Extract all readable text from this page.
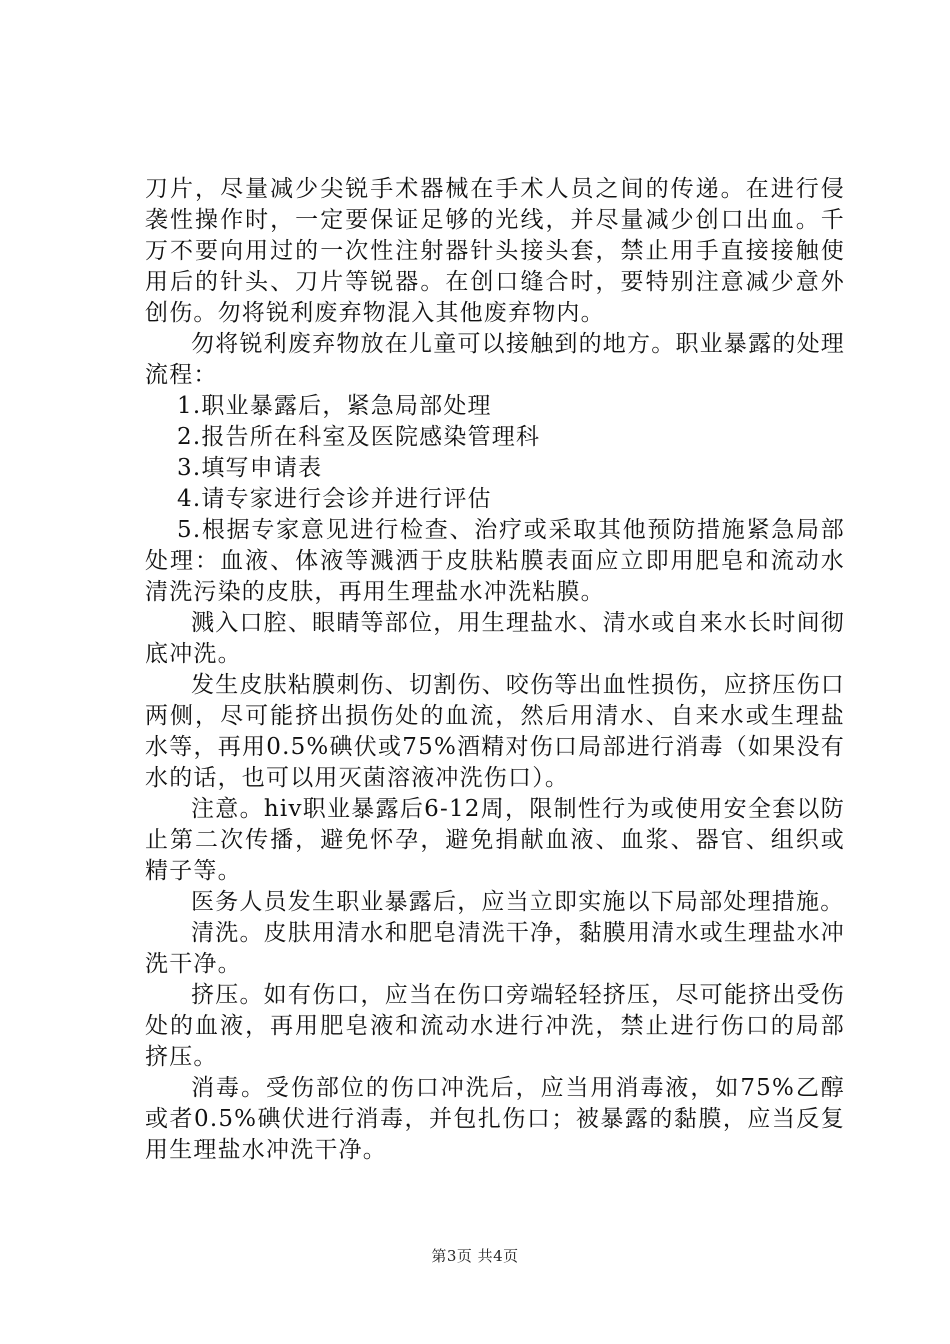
刀片，尽量减少尖锐手术器械在手术人员之间的传递。在进行侵袭性操作时，一定要保证足够的光线，并尽量减少创口出血。千万不要向用过的一次性注射器针头接头套，禁止用手直接接触使用后的针头、刀片等锐器。在创口缝合时，要特别注意减少意外创伤。勿将锐利废弃物混入其他废弃物内。

勿将锐利废弃物放在儿童可以接触到的地方。职业暴露的处理流程：

1.职业暴露后，紧急局部处理

2.报告所在科室及医院感染管理科

3.填写申请表

4.请专家进行会诊并进行评估

5.根据专家意见进行检查、治疗或采取其他预防措施紧急局部处理：血液、体液等溅洒于皮肤粘膜表面应立即用肥皂和流动水清洗污染的皮肤，再用生理盐水冲洗粘膜。

溅入口腔、眼睛等部位，用生理盐水、清水或自来水长时间彻底冲洗。

发生皮肤粘膜刺伤、切割伤、咬伤等出血性损伤，应挤压伤口两侧，尽可能挤出损伤处的血流，然后用清水、自来水或生理盐水等，再用0.5%碘伏或75%酒精对伤口局部进行消毒（如果没有水的话，也可以用灭菌溶液冲洗伤口）。

注意。hiv职业暴露后6-12周，限制性行为或使用安全套以防止第二次传播，避免怀孕，避免捐献血液、血浆、器官、组织或精子等。

医务人员发生职业暴露后，应当立即实施以下局部处理措施。

清洗。皮肤用清水和肥皂清洗干净，黏膜用清水或生理盐水冲洗干净。

挤压。如有伤口，应当在伤口旁端轻轻挤压，尽可能挤出受伤处的血液，再用肥皂液和流动水进行冲洗，禁止进行伤口的局部挤压。

消毒。受伤部位的伤口冲洗后，应当用消毒液，如75%乙醇或者0.5%碘伏进行消毒，并包扎伤口；被暴露的黏膜，应当反复用生理盐水冲洗干净。

第3页 共4页
